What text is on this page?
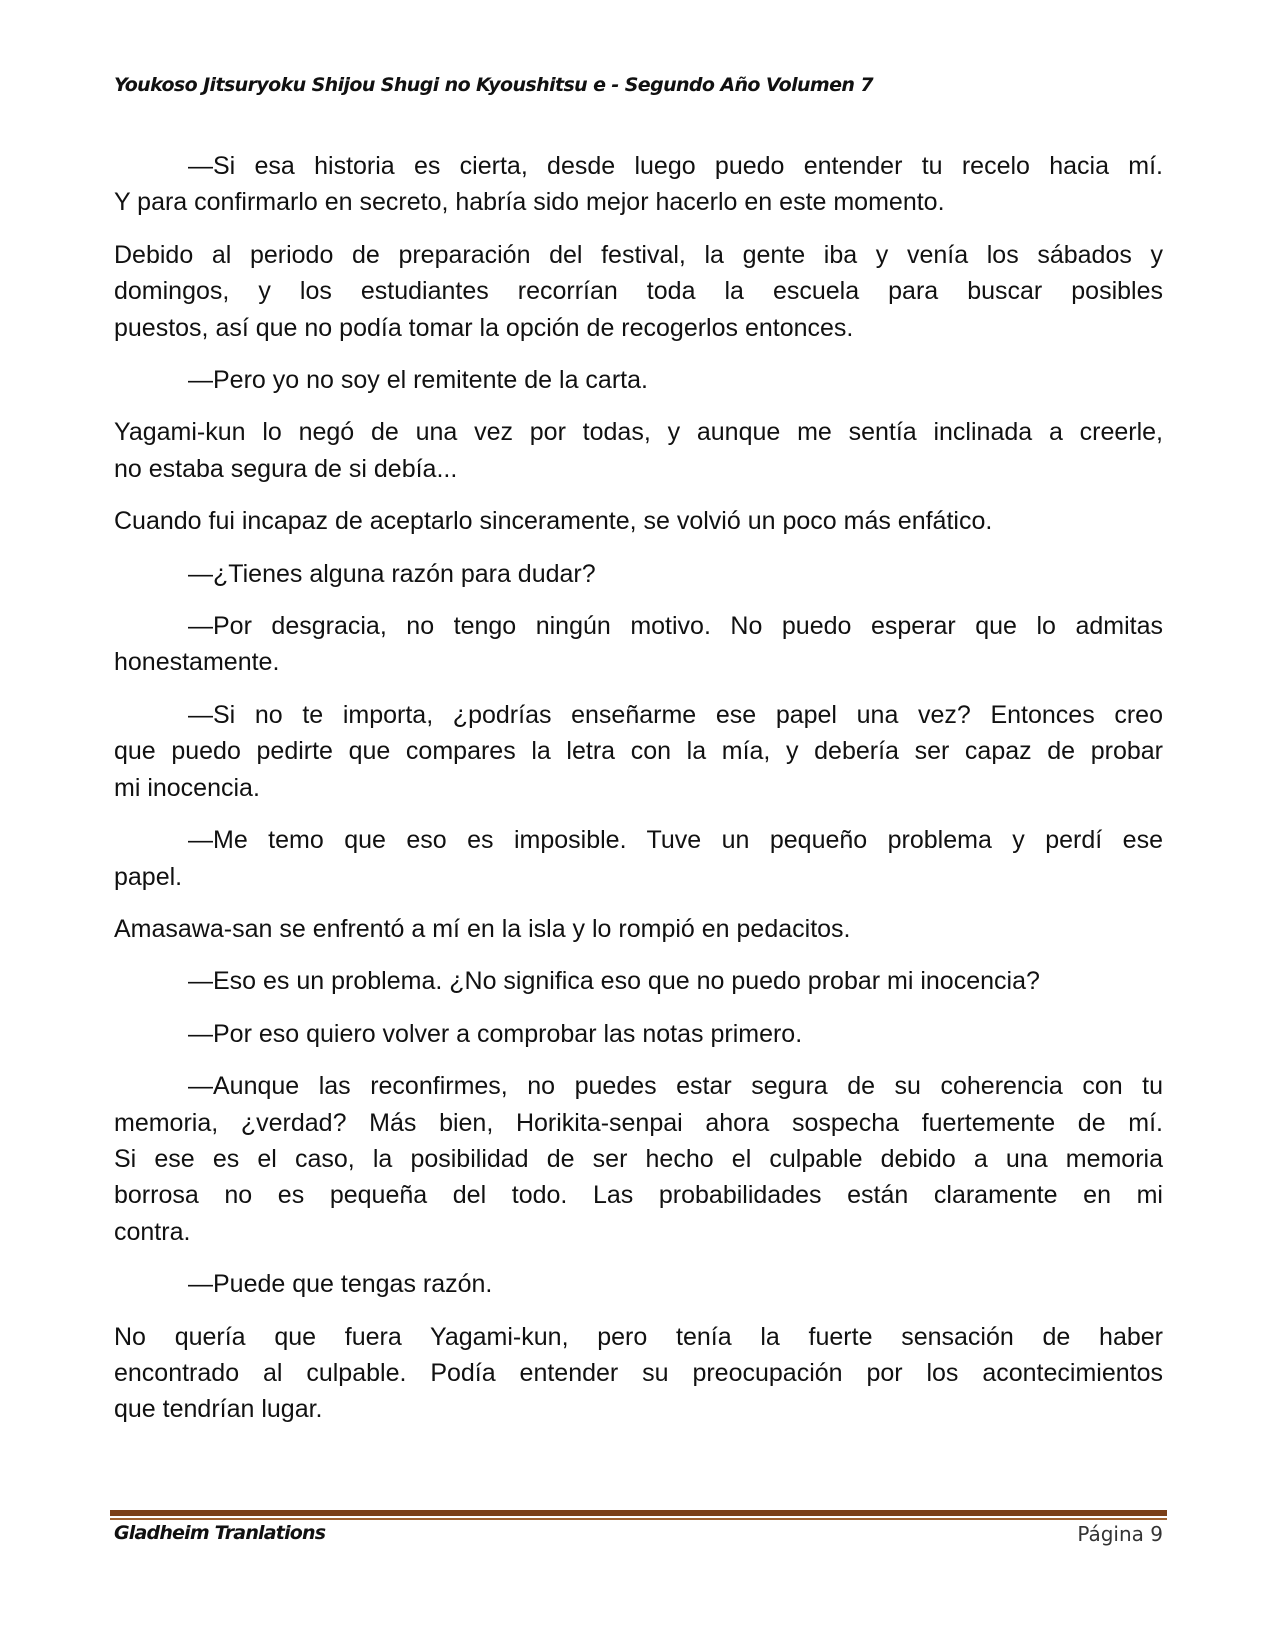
Youkoso Jitsuryoku Shijou Shugi no Kyoushitsu e - Segundo Año Volumen 7
—Si esa historia es cierta, desde luego puedo entender tu recelo hacia mí.
Y para confirmarlo en secreto, habría sido mejor hacerlo en este momento.
Debido al periodo de preparación del festival, la gente iba y venía los sábados y
domingos, y los estudiantes recorrían toda la escuela para buscar posibles
puestos, así que no podía tomar la opción de recogerlos entonces.
—Pero yo no soy el remitente de la carta.
Yagami-kun lo negó de una vez por todas, y aunque me sentía inclinada a creerle,
no estaba segura de si debía...
Cuando fui incapaz de aceptarlo sinceramente, se volvió un poco más enfático.
—¿Tienes alguna razón para dudar?
—Por desgracia, no tengo ningún motivo. No puedo esperar que lo admitas
honestamente.
—Si no te importa, ¿podrías enseñarme ese papel una vez? Entonces creo
que puedo pedirte que compares la letra con la mía, y debería ser capaz de probar
mi inocencia.
—Me temo que eso es imposible. Tuve un pequeño problema y perdí ese
papel.
Amasawa-san se enfrentó a mí en la isla y lo rompió en pedacitos.
—Eso es un problema. ¿No significa eso que no puedo probar mi inocencia?
—Por eso quiero volver a comprobar las notas primero.
—Aunque las reconfirmes, no puedes estar segura de su coherencia con tu
memoria, ¿verdad? Más bien, Horikita-senpai ahora sospecha fuertemente de mí.
Si ese es el caso, la posibilidad de ser hecho el culpable debido a una memoria
borrosa no es pequeña del todo. Las probabilidades están claramente en mi
contra.
—Puede que tengas razón.
No quería que fuera Yagami-kun, pero tenía la fuerte sensación de haber
encontrado al culpable. Podía entender su preocupación por los acontecimientos
que tendrían lugar.
Gladheim Tranlations	Página 9
